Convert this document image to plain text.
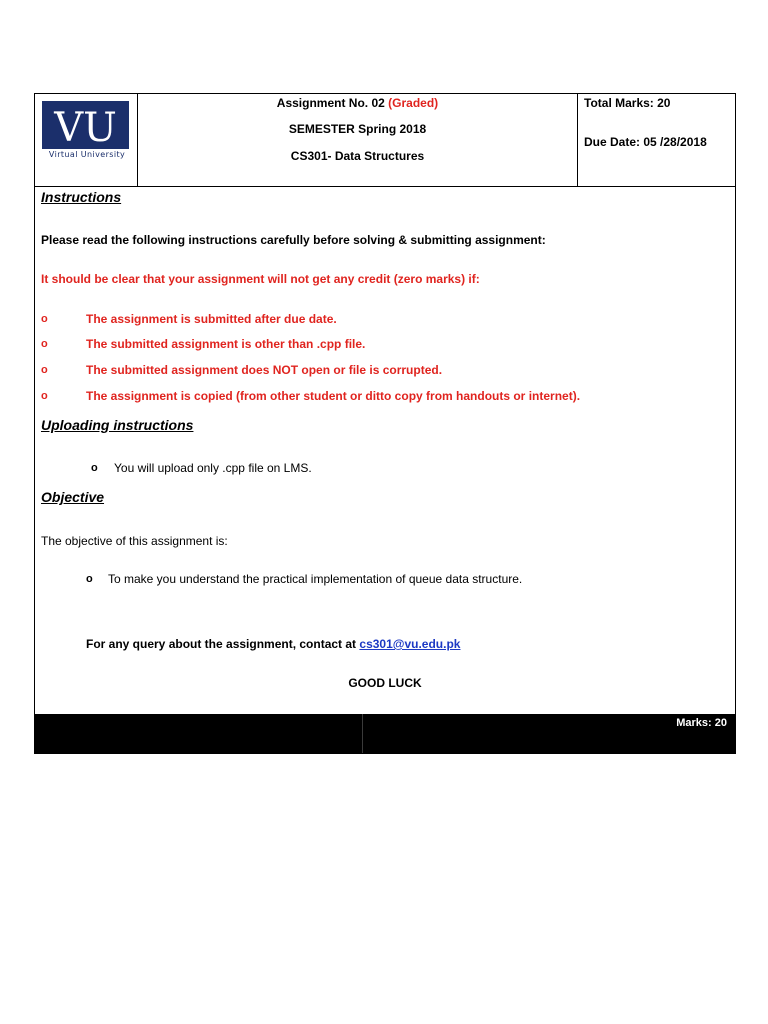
VU
Virtual University
Assignment No. 02 (Graded)
SEMESTER Spring 2018
CS301- Data Structures
Total Marks: 20
Due Date: 05 /28/2018
Instructions
Please read the following instructions carefully before solving & submitting assignment:
It should be clear that your assignment will not get any credit (zero marks) if:
o	The assignment is submitted after due date.
o	The submitted assignment is other than .cpp file.
o	The submitted assignment does NOT open or file is corrupted.
o	The assignment is copied (from other student or ditto copy from handouts or internet).
Uploading instructions
o You will upload only .cpp file on LMS.
Objective
The objective of this assignment is:
o To make you understand the practical implementation of queue data structure.
For any query about the assignment, contact at cs301@vu.edu.pk
GOOD LUCK
Marks: 20
